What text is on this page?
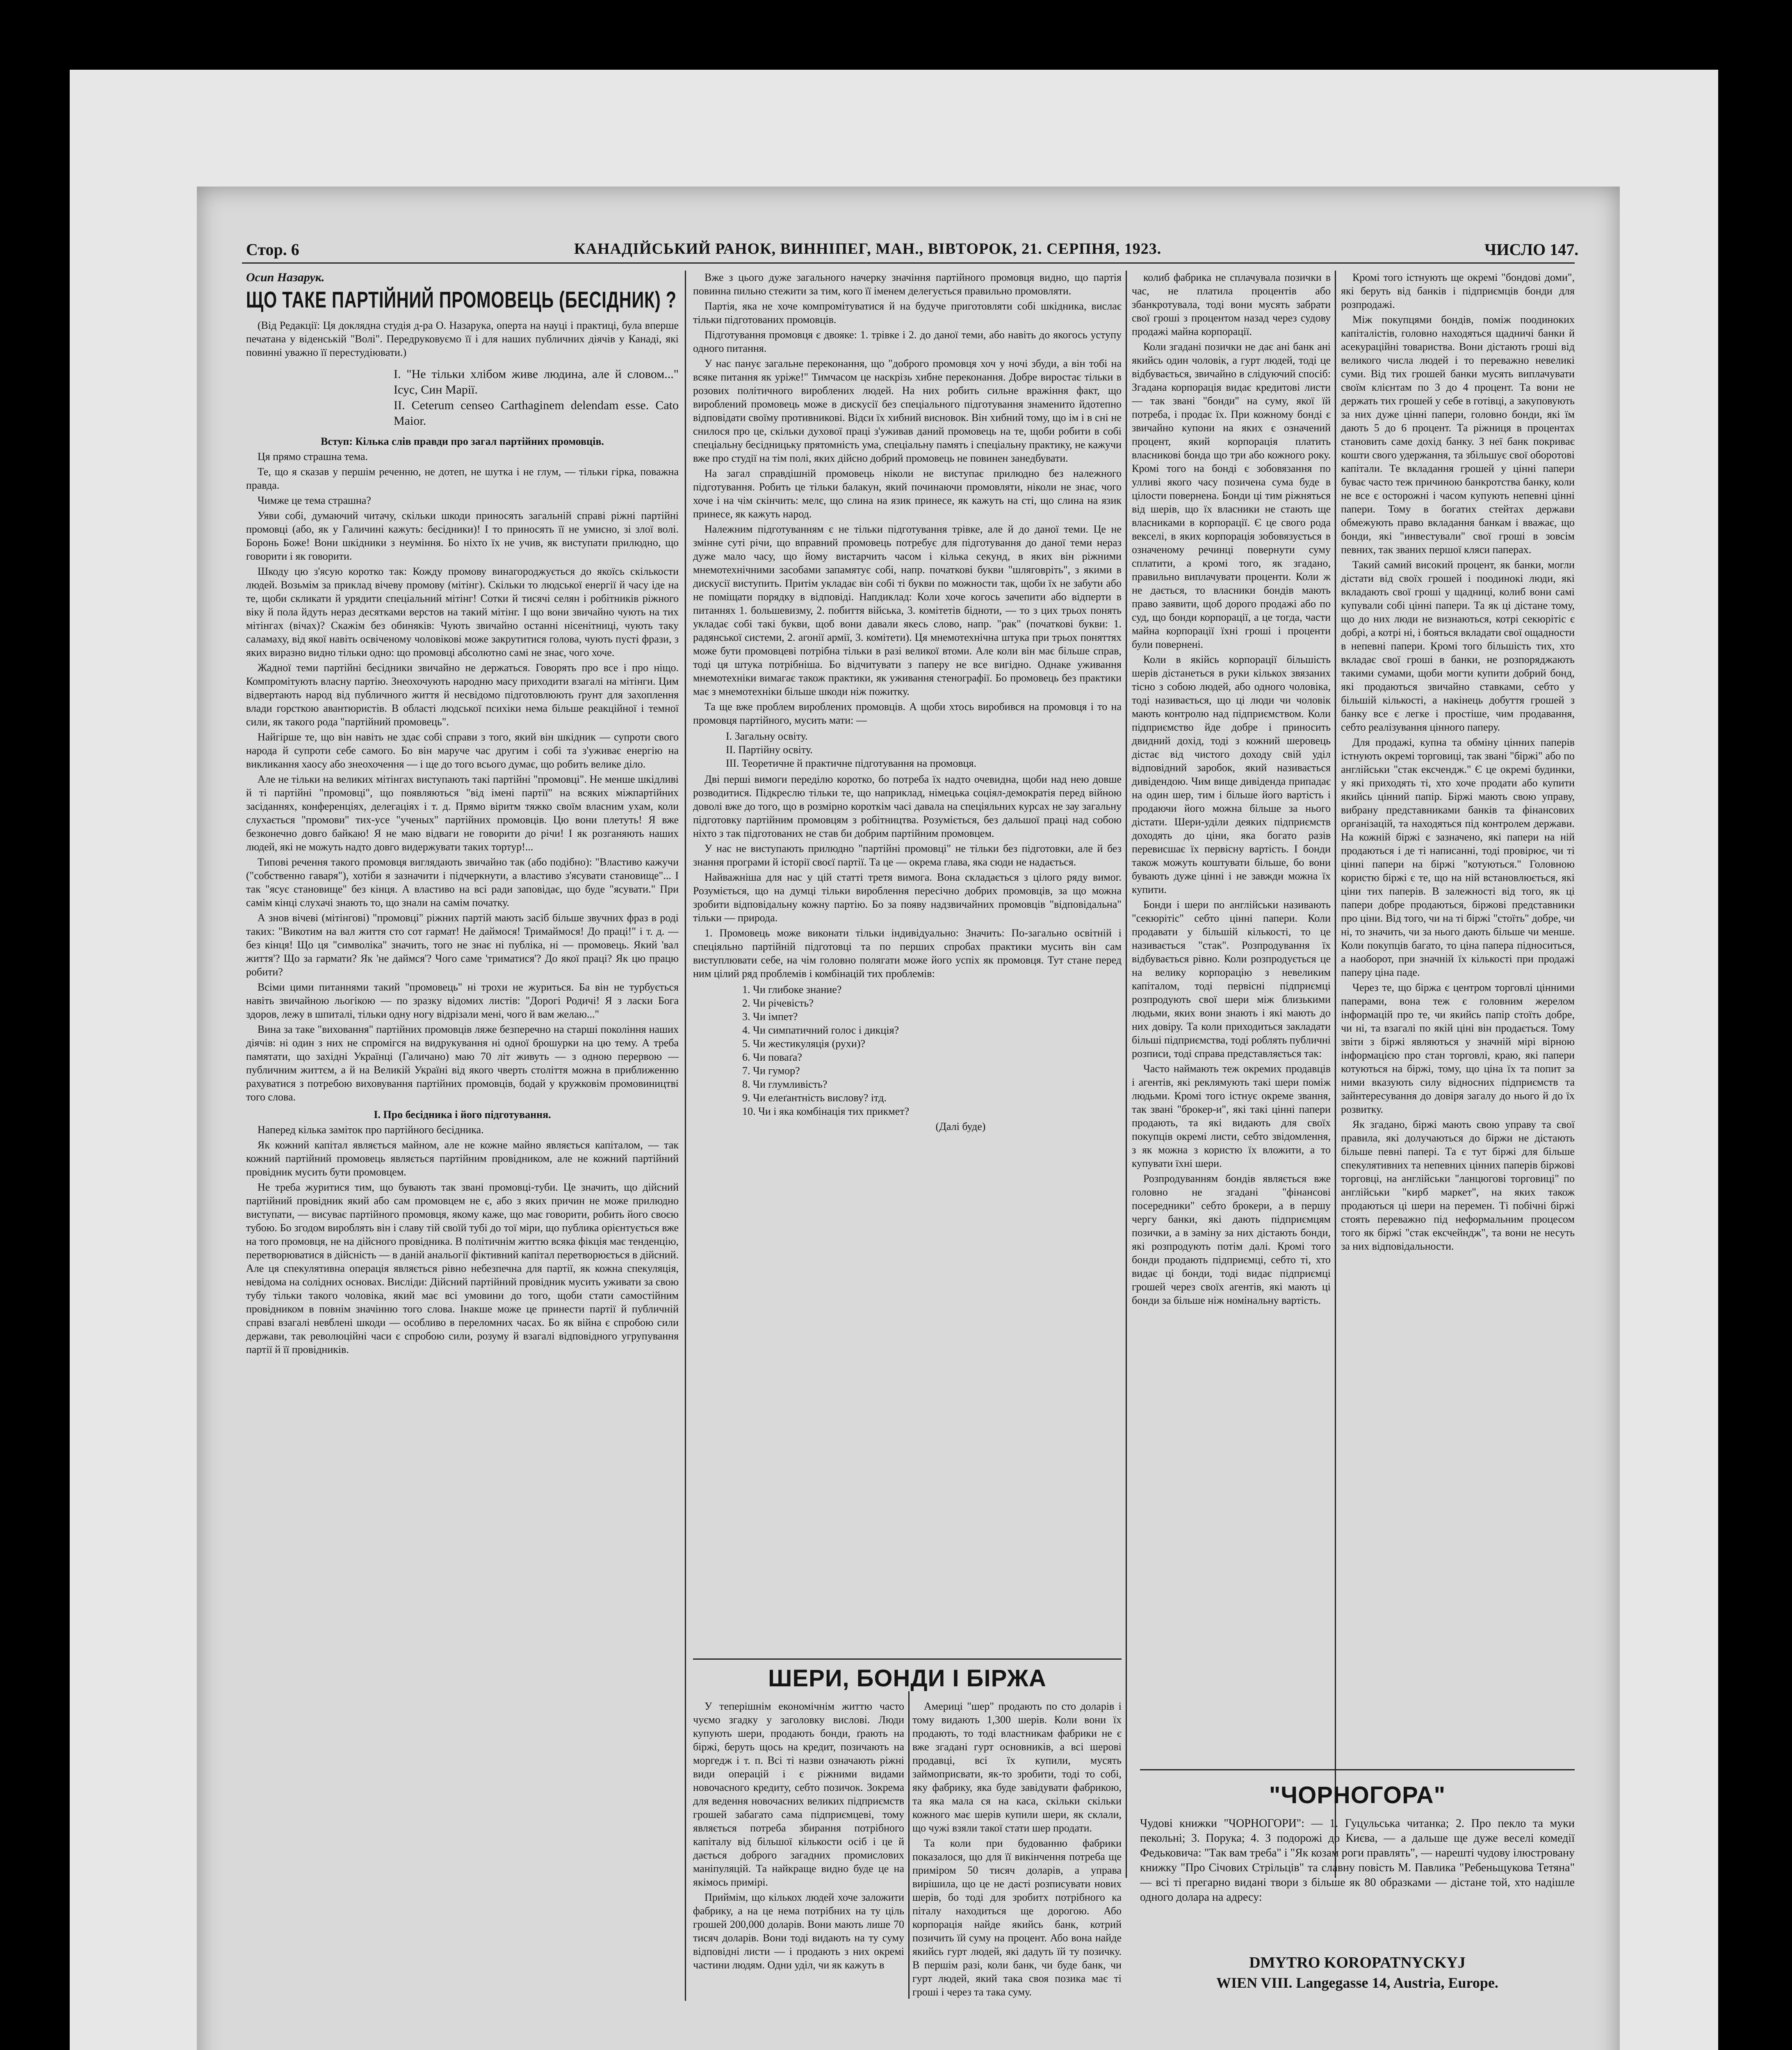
Стор. 6	КАНАДІЙСЬКИЙ РАНОК, ВИННІПЕГ, МАН., ВІВТОРОК, 21. СЕРПНЯ, 1923.	ЧИСЛО 147.
Осип Назарук.
ЩО ТАКЕ ПАРТІЙНИЙ ПРОМОВЕЦЬ (БЕСІДНИК) ?

(Від Редакції: Ця доклядна студія д-ра О. Назарука, оперта на науці і практиці, була вперше печатана у віденській "Волі". Передруковуємо її і для наших публичних діячів у Канаді, які повинні уважно її перестудіювати.)

I. "Не тільки хлібом живе людина, але й словом..." Ісус, Син Марії.
II. Ceterum censeo Carthaginem delendam esse. Cato Maior.

Вступ: Кілька слів правди про загал партійних промовців.

Ця прямо страшна тема.

Те, що я сказав у першім реченню, не дотеп, не шутка і не глум, — тільки гірка, поважна правда.

Чимже це тема страшна?

Уяви собі, думаючий читачу, скільки шкоди приносять загальній справі ріжні партійні промовці (або, як у Галичині кажуть: бесідники)! І то приносять її не умисно, зі злої волі. Боронь Боже! Вони шкідники з неуміння. Бо ніхто їх не учив, як виступати прилюдно, що говорити і як говорити.

Шкоду цю з'ясую коротко так: Кожду промову винагороджується до якоїсь скількости людей. Возьмім за приклад вічеву промову (мітінг). Скільки то людської енергії й часу іде на те, щоби скликати й урядити спеціальний мітінг! Сотки й тисячі селян і робітників ріжного віку й пола йдуть нераз десятками верстов на такий мітінг. І що вони звичайно чують на тих мітінгах (вічах)? Скажім без обиняків: Чують звичайно останні нісенітниці, чують таку саламаху, від якої навіть освіченому чоловікові може закрутитися голова, чують пусті фрази, з яких виразно видно тільки одно: що промовці абсолютно самі не знає, чого хоче.

Жадної теми партійні бесідники звичайно не держаться. Говорять про все і про ніщо. Компромітують власну партію. Знеохочують народню масу приходити взагалі на мітінги. Цим відвертають народ від публичного життя й несвідомо підготовлюють ґрунт для захоплення влади горсткою авантюристів. В області людської психіки нема більше реакційної і темної сили, як такого рода "партійний промовець".

Найгірше те, що він навіть не здає собі справи з того, який він шкідник — супроти свого народа й супроти себе самого. Бо він маруче час другим і собі та з'уживає енергію на викликання хаосу або знеохочення — і ще до того всього думає, що робить велике діло.

Але не тільки на великих мітінгах виступають такі партійні "промовці". Не менше шкідливі й ті партійні "промовці", що появляються "від імені партії" на всяких міжпартійних засіданнях, конференціях, делегаціях і т. д. Прямо віритм тяжко своїм власним ухам, коли слухається "промови" тих-усе "ученых" партійних промовців. Цю вони плетуть! Я вже безконечно довго байкаю! Я не маю відваги не говорити до річи! І як розганяють наших людей, які не можуть надто довго видержувати таких тортур!...

Типові речення такого промовця виглядають звичайно так (або подібно): "Властиво кажучи ("собственно гаваря"), хотіби я зазначити і підчеркнути, а властиво з'ясувати становище"... І так "ясує становище" без кінця. А властиво на всі ради заповідає, що буде "ясувати." При самім кінці слухачі знають то, що знали на самім початку.

А знов вічеві (мітінгові) "промовці" ріжних партій мають засіб більше звучних фраз в роді таких: "Викотим на вал життя сто сот гармат! Не даймося! Тримаймося! До праці!" і т. д. — без кінця! Що ця "символіка" значить, того не знає ні публіка, ні — промовець. Який 'вал життя'? Що за гармати? Як 'не даймся'? Чого саме 'триматися'? До якої праці? Як цю працю робити?

Всіми цими питаннями такий "промовець" ні трохи не журиться. Ба він не турбується навіть звичайною льогікою — по зразку відомих листів: "Дорогі Родичі! Я з ласки Бога здоров, лежу в шпиталі, тільки одну ногу відрізали мені, чого й вам желаю..."

Вина за таке "виховання" партійних промовців ляже безперечно на старші покоління наших діячів: ні один з них не спромігся на видрукування ні одної брошурки на цю тему. А треба памятати, що західні Українці (Галичано) маю 70 літ живуть — з одною перервою — публичним життєм, а й на Великій Україні від якого чверть століття можна в приближенню рахуватися з потребою виховування партійних промовців, бодай у кружковім промовиництві того слова.

І. Про бесідника і його підготування.

Наперед кілька заміток про партійного бесідника.

Як кожний капітал являється майном, але не кожне майно являється капіталом, — так кожний партійний промовець являється партійним провідником, але не кожний партійний провідник мусить бути промовцем.

Не треба журитися тим, що бувають так звані промовці-туби. Це значить, що дійсний партійний провідник який або сам промовцем не є, або з яких причин не може прилюдно виступати, — висуває партійного промовця, якому каже, що має говорити, робить його своєю тубою. Бо згодом вироблять він і славу тій своїй тубі до тої міри, що публика орієнтується вже на того промовця, не на дійсного провідника. В політичнім життю всяка фікція має тенденцію, перетворюватися в дійсність — в даній анальогії фіктивний капітал перетворюється в дійсний. Але ця спекулятивна операція являється рівно небезпечна для партії, як кожна спекуляція, невідома на солідних основах. Висліди: Дійсний партійний провідник мусить уживати за свою тубу тільки такого чоловіка, який має всі умовини до того, щоби стати самостійним провідником в повнім значінню того слова. Інакше може це принести партії й публичній справі взагалі невблені шкоди — особливо в переломних часах. Бо як війна є спробою сили держави, так революційні часи є спробою сили, розуму й взагалі відповідного угрупування партії й її провідників.

Вже з цього дуже загального начерку значіння партійного промовця видно, що партія повинна пильно стежити за тим, кого її іменем делегується правильно промовляти.

Партія, яка не хоче компромітуватися й на будуче приготовляти собі шкідника, вислає тільки підготованих промовців.

Підготування промовця є двояке: 1. трівке і 2. до даної теми, або навіть до якогось уступу одного питання.

У нас панує загальне переконання, що "доброго промовця хоч у ночі збуди, а він тобі на всяке питання як уріже!" Тимчасом це наскрізь хибне переконання. Добре виростає тільки в розових політичного вироблених людей. На них робить сильне вражіння факт, що вироблений промовець може в дискусії без спеціального підготування знаменито йдотепно відповідати своїму противникові. Відси їх хибний висновок. Він хибний тому, що ім і в сні не снилося про це, скільки духової праці з'уживав даний промовець на те, щоби робити в собі спеціальну бесідницьку прятомність ума, спеціальну память і спеціальну практику, не кажучи вже про студії на тім полі, яких дійсно добрий промовець не повинен занедбувати.

На загал справдішній промовець ніколи не виступає прилюдно без належного підготування. Робить це тільки балакун, який починаючи промовляти, ніколи не знає, чого хоче і на чім скінчить: мелє, що слина на язик принесе, як кажуть на сті, що слина на язик принесе, як кажуть народ.

Належним підготуванням є не тільки підготування трівке, але й до даної теми. Це не змінне суті річи, що вправний промовець потребує для підготування до даної теми нераз дуже мало часу, що йому вистарчить часом і кілька секунд, в яких він ріжними мнемотехнічними засобами запамятує собі, напр. початкові букви "шляговріть", з якими в дискусії виступить. Притім укладає він собі ті букви по можности так, щоби їх не забути або не поміщати порядку в відповіді. Напдиклад: Коли хоче когось зачепити або відперти в питаннях 1. большевизму, 2. побиття війська, 3. комітетів бідноти, — то з цих трьох понять укладає собі такі букви, щоб вони давали якесь слово, напр. "рак" (початкові букви: 1. радянської системи, 2. агонії армії, 3. комітети). Ця мнемотехнічна штука при трьох поняттях може бути промовцеві потрібна тільки в разі великої втоми. Але коли він має більше справ, тоді ця штука потрібніша. Бо відчитувати з паперу не все вигідно. Однаке уживання мнемотехніки вимагає також практики, як уживання стенографії. Бо промовець без практики має з мнемотехніки більше шкоди ніж пожитку.

Та ще вже проблем вироблених промовців. А щоби хтось виробився на промовця і то на промовця партійного, мусить мати: —

І. Загальну освіту.
II. Партійну освіту.
III. Теоретичне й практичне підготування на промовця.

Дві перші вимоги переділю коротко, бо потреба їх надто очевидна, щоби над нею довше розводитися. Підкреслю тільки те, що наприклад, німецька соціял-демократія перед війною доволі вже до того, що в розмірно короткім часі давала на спеціяльних курсах не зау загальну підготовку партійним промовцям з робітництва. Розуміється, без дальшої праці над собою ніхто з так підготованих не став би добрим партійним промовцем.

У нас не виступають прилюдно "партійні промовці" не тільки без підготовки, але й без знання програми й історії своєї партії. Та це — окрема глава, яка сюди не надається.

Найважніша для нас у цій статті третя вимога. Вона складається з цілого ряду вимог. Розуміється, що на думці тільки вироблення пересічно добрих промовців, за що можна зробити відповідальну кожну партію. Бо за появу надзвичайних промовців "відповідальна" тільки — природа.

1. Промовець може виконати тільки індивідуально: Значить: По-загально освітній і спеціяльно партійній підготовці та по перших спробах практики мусить він сам виступлювати себе, на чім головно полягати може його успіх як промовця. Тут стане перед ним цілий ряд проблемів і комбінацій тих проблемів:

1. Чи глибоке знание?
2. Чи річевість?
3. Чи імпет?
4. Чи симпатичний голос і дикція?
5. Чи жестикуляція (рухи)?
6. Чи поваґа?
7. Чи гумор?
8. Чи глумливість?
9. Чи елеґантність вислову? ітд.
10. Чи і яка комбінація тих прикмет?
(Далі буде)
ШЕРИ, БОНДИ І БІРЖА

У теперішнім економічнім життю часто чуємо згадку у заголовку вислові. Люди купують шери, продають бонди, ґрають на біржі, беруть щось на кредит, позичають на моргедж і т. п. Всі ті назви означають ріжні види операцій і є ріжними видами новочасного кредиту, себто позичок. Зокрема для ведення новочасних великих підприємств грошей забагато сама підприємцеві, тому являється потреба збирання потрібного капіталу від більшої кількости осіб і це й дається доброго загадних промислових маніпуляцій. Та найкраще видно буде це на якімось примірі.

Приймім, що кількох людей хоче заложити фабрику, а на це нема потрібних на ту ціль грошей 200,000 доларів. Вони мають лише 70 тисяч доларів. Вони тоді видають на ту суму відповідні листи — і продають з них окремі частини людям. Одни уділ, чи як кажуть в

Америці "шер" продають по сто доларів і тому видають 1,300 шерів. Коли вони їх продають, то тоді властникам фабрики не є вже згадані гурт основників, а всі шерові продавці, всі їх купили, мусять займоприсвати, як-то зробити, тоді то собі, яку фабрику, яка буде завідувати фабрикою, та яка мала ся на каса, скільки скільки кожного має шерів купили шери, як склали, що чужі взяли такої стати шер продати.

Та коли при будованню фабрики показалося, що для її викінчення потреба ще приміром 50 тисяч доларів, а управа вирішила, що це не дасті розписувати нових шерів, бо тоді для зробитх потрібного ка піталу находиться ще дорогою. Або корпорація найде якийсь банк, котрий позичить їй суму на процент. Або вона найде якийсь гурт людей, які дадуть їй ту позичку. В першім разі, коли банк, чи буде банк, чи гурт людей, який така своя позика має ті гроші і через та така суму.

колиб фабрика не сплачувала позички в час, не платила процентів або збанкротувала, тоді вони мусять забрати свої гроші з процентом назад через судову продажі майна корпорації.

Коли згадані позички не дає ані банк ані якийсь один чоловік, а гурт людей, тоді це відбувається, звичайно в слідуючий спосіб: Згадана корпорація видає кредитові листи — так звані "бонди" на суму, якої їй потреба, і продає їх. При кожному бонді є звичайно купони на яких є означений процент, який корпорація платить власникові бонда що три або кожного року. Кромі того на бонді є зобовязання по улливі якого часу позичена сума буде в цілости повернена. Бонди ці тим ріжняться від шерів, що їх власники не стають ще власниками в корпорації. Є це свого рода векселі, в яких корпорація зобовязується в означеному речинці повернути суму сплатити, а кромі того, як згадано, правильно виплачувати проценти. Коли ж не дається, то власники бондів мають право заявити, щоб дорого продажі або по суд, що бонди корпорації, а це тогда, части майна корпорації їхні гроші і проценти були повернені.

Коли в якійсь корпорації більшість шерів дістанеться в руки кількох звязаних тісно з собою людей, або одного чоловіка, тоді називається, що ці люди чи чоловік мають контролю над підприємством. Коли підприємство йде добре і приносить двидний дохід, тоді з кожний шеровець дістає від чистого доходу свій уділ відповідний заробок, який називається дивідендою. Чим вище дивіденда припадає на один шер, тим і більше його вартість і продаючи його можна більше за нього дістати. Шери-уділи деяких підприємств доходять до ціни, яка богато разів перевисшає їх первісну вартість. І бонди також можуть коштувати більше, бо вони бувають дуже цінні і не завжди можна їх купити.

Бонди і шери по англійськи називають "секюрітіс" себто цінні папери. Коли продавати у більшій кількості, то це називається "стак". Розпродування їх відбувається рівно. Коли розпродується це на велику корпорацію з невеликим капіталом, тоді первісні підприємці розпродують свої шери між близькими людьми, яких вони знають і які мають до них довіру. Та коли приходиться закладати більші підприємства, тоді роблять публичні розписи, тоді справа представляється так:

Часто наймають теж окремих продавців і агентів, які реклямують такі шери поміж людьми. Кромі того істнує окреме звання, так звані "брокер-и", які такі цінні папери продають, та які видають для своїх покупців окремі листи, себто звідомлення, з як можна з користю їх вложити, а то купувати їхні шери.

Розпродуванням бондів являється вже головно не згадані "фінансові посередники" себто брокери, а в першу чергу банки, які дають підприємцям позички, а в заміну за них дістають бонди, які розпродують потім далі. Кромі того бонди продають підприємці, себто ті, хто видає ці бонди, тоді видає підприємці грошей через своїх агентів, які мають ці бонди за більше ніж номінальну вартість.

Кромі того істнують ще окремі "бондові доми", які беруть від банків і підприємців бонди для розпродажі.

Між покупцями бондів, поміж поодиноких капіталістів, головно находяться щадничі банки й асекураційні товариства. Вони дістають гроші від великого числа людей і то переважно невеликі суми. Від тих грошей банки мусять виплачувати своїм клієнтам по 3 до 4 процент. Та вони не держать тих грошей у себе в готівці, а закуповують за них дуже цінні папери, головно бонди, які їм дають 5 до 6 процент. Та ріжниця в процентах становить саме дохід банку. З неї банк покриває кошти свого удержання, та збільшує свої оборотові капітали. Те вкладання грошей у цінні папери буває часто теж причиною банкротства банку, коли не все є осторожні і часом купують непевні цінні папери. Тому в богатих стейтах держави обмежують право вкладання банкам і вважає, що бонди, які "инвестували" свої гроші в зовсім певних, так званих першої кляси паперах.

Такий самий високий процент, як банки, могли дістати від своїх грошей і поодинокі люди, які вкладають свої гроші у щадниці, колиб вони самі купували собі цінні папери. Та як ці дістане тому, що до них люди не визнаються, котрі секюрітіс є добрі, а котрі ні, і бояться вкладати свої ощадности в непевні папери. Кромі того більшість тих, хто вкладає свої гроші в банки, не розпоряджають такими сумами, щоби могти купити добрий бонд, які продаються звичайно ставками, себто у більшій кількості, а накінець добуття грошей з банку все є легке і простіше, чим продавання, себто реалізування цінного паперу.

Для продажі, купна та обміну цінних паперів істнують окремі торговиці, так звані "біржі" або по англійськи "стак ексчендж." Є це окремі будинки, у які приходять ті, хто хоче продати або купити якийсь цінний папір. Біржі мають свою управу, вибрану представниками банків та фінансових організацій, та находяться під контролем держави. На кожній біржі є зазначено, які папери на ній продаються і де ті написанні, тоді провірює, чи ті цінні папери на біржі "котуються." Головною користю біржі є те, що на ній встановлюється, які ціни тих паперів. В залежності від того, як ці папери добре продаються, біржові представники про ціни. Від того, чи на ті біржі "стоїть" добре, чи ні, то значить, чи за нього дають більше чи менше. Коли покупців багато, то ціна папера підноситься, а наоборот, при значній їх кількості при продажі паперу ціна паде.

Через те, що біржа є центром торговлі цінними паперами, вона теж є головним жерелом інформацій про те, чи якийсь папір стоїть добре, чи ні, та взагалі по якій ціні він продається. Тому звіти з біржі являються у значній мірі вірною інформацією про стан торговлі, краю, які папери котуються на біржі, тому, що ціна їх та попит за ними вказують силу відносних підприємств та зайнтересування до довіря загалу до нього й до їх розвитку.

Як згадано, біржі мають свою управу та свої правила, які долучаються до біржи не дістають більше певні папері. Та є тут біржі для більше спекулятивних та непевних цінних паперів біржові торговці, на англійськи "ланцюгові торговиці" по англійськи "кирб маркет", на яких також продаються ці шери на перемен. Ті побічні біржі стоять переважно під неформальним процесом того як біржі "стак ексчейндж", та вони не несуть за них відповідальности.

"ЧОРНОГОРА"
Чудові книжки "ЧОРНОГОРИ": — 1. Гуцульська читанка; 2. Про пекло та муки пекольні; 3. Порука; 4. З подорожі до Києва, — а дальше ще дуже веселі комедії Федьковича: "Так вам треба" і "Як козам роги правлять", — нарешті чудову ілюстровану книжку "Про Січових Стрільців" та славну повість М. Павлика "Ребеньщукова Тетяна" — всі ті прегарно видані твори з більше як 80 образками — дістане той, хто надішле одного долара на адресу:
DMYTRO KOROPATNYCKYJ
WIEN VIII. Langegasse 14, Austria, Europe.
